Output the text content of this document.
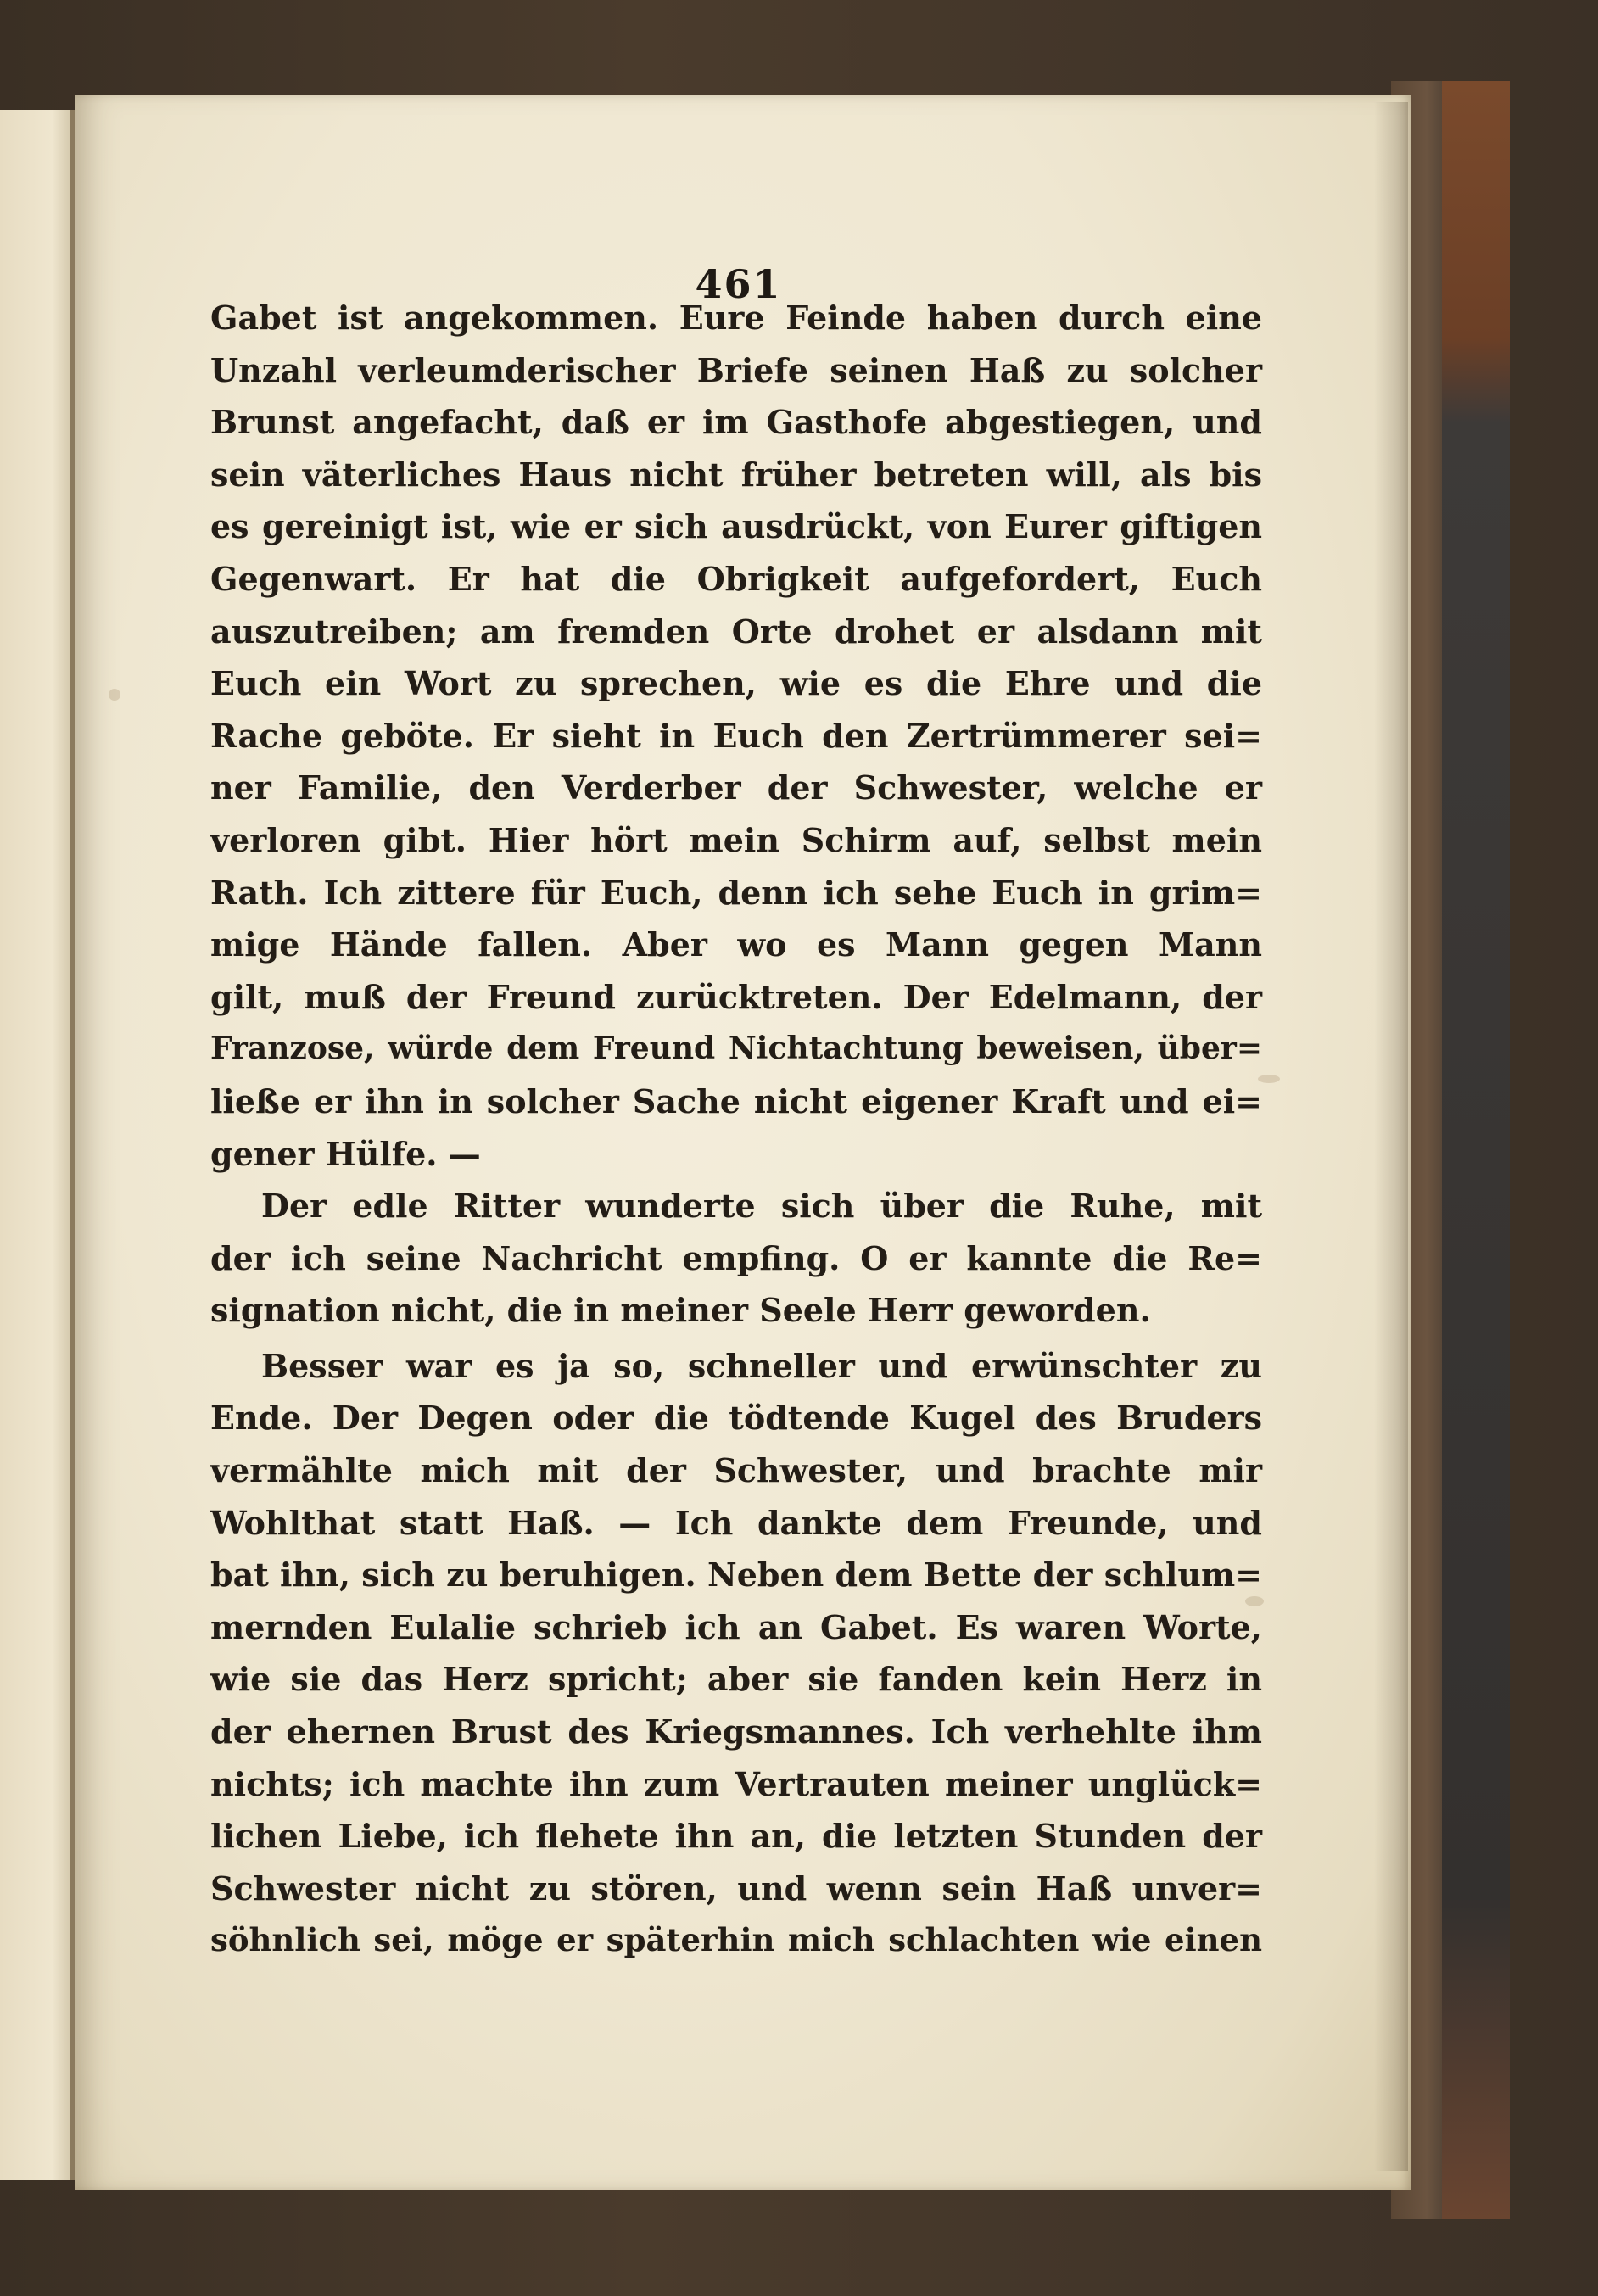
461
Gabet ist angekommen. Eure Feinde haben durch eine
Unzahl verleumderischer Briefe seinen Haß zu solcher
Brunst angefacht, daß er im Gasthofe abgestiegen, und
sein väterliches Haus nicht früher betreten will, als bis
es gereinigt ist, wie er sich ausdrückt, von Eurer giftigen
Gegenwart. Er hat die Obrigkeit aufgefordert, Euch
auszutreiben; am fremden Orte drohet er alsdann mit
Euch ein Wort zu sprechen, wie es die Ehre und die
Rache geböte. Er sieht in Euch den Zertrümmerer sei=
ner Familie, den Verderber der Schwester, welche er
verloren gibt. Hier hört mein Schirm auf, selbst mein
Rath. Ich zittere für Euch, denn ich sehe Euch in grim=
mige Hände fallen. Aber wo es Mann gegen Mann
gilt, muß der Freund zurücktreten. Der Edelmann, der
Franzose, würde dem Freund Nichtachtung beweisen, über=
ließe er ihn in solcher Sache nicht eigener Kraft und ei=
gener Hülfe. —
Der edle Ritter wunderte sich über die Ruhe, mit
der ich seine Nachricht empfing. O er kannte die Re=
signation nicht, die in meiner Seele Herr geworden.
Besser war es ja so, schneller und erwünschter zu
Ende. Der Degen oder die tödtende Kugel des Bruders
vermählte mich mit der Schwester, und brachte mir
Wohlthat statt Haß. — Ich dankte dem Freunde, und
bat ihn, sich zu beruhigen. Neben dem Bette der schlum=
mernden Eulalie schrieb ich an Gabet. Es waren Worte,
wie sie das Herz spricht; aber sie fanden kein Herz in
der ehernen Brust des Kriegsmannes. Ich verhehlte ihm
nichts; ich machte ihn zum Vertrauten meiner unglück=
lichen Liebe, ich flehete ihn an, die letzten Stunden der
Schwester nicht zu stören, und wenn sein Haß unver=
söhnlich sei, möge er späterhin mich schlachten wie einen
